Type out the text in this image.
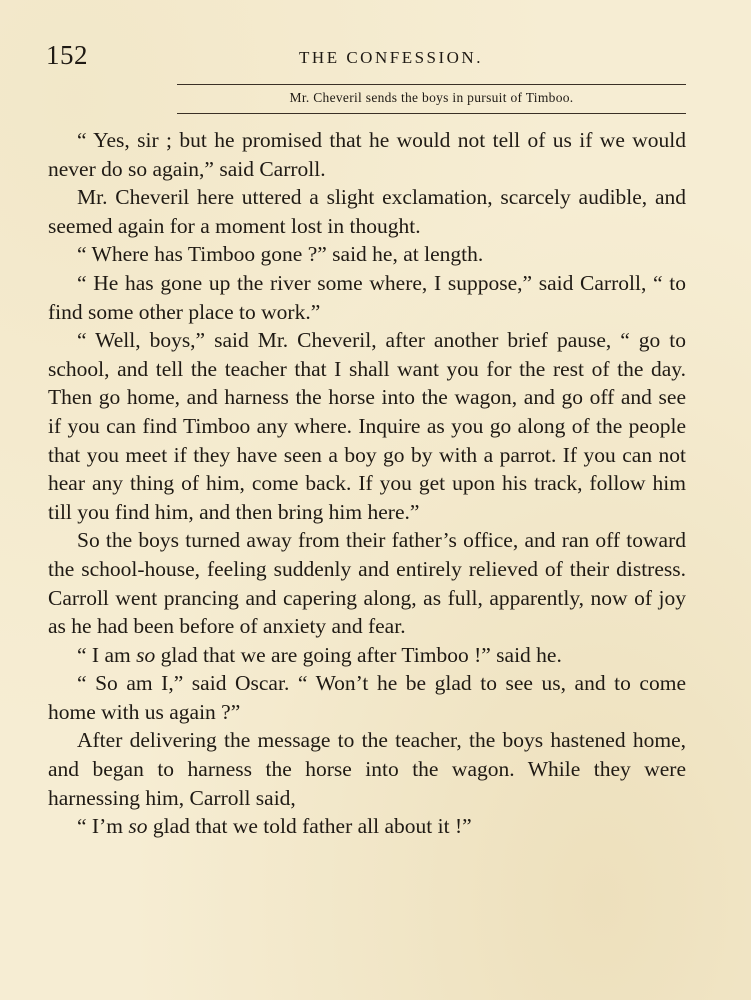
152	THE CONFESSION.
Mr. Cheveril sends the boys in pursuit of Timboo.

“ Yes, sir ; but he promised that he would not tell of us if we would never do so again,” said Carroll.

Mr. Cheveril here uttered a slight exclamation, scarcely audible, and seemed again for a moment lost in thought.

“ Where has Timboo gone ?” said he, at length.

“ He has gone up the river some where, I suppose,” said Carroll, “ to find some other place to work.”

“ Well, boys,” said Mr. Cheveril, after another brief pause, “ go to school, and tell the teacher that I shall want you for the rest of the day. Then go home, and harness the horse into the wagon, and go off and see if you can find Timboo any where. Inquire as you go along of the people that you meet if they have seen a boy go by with a parrot. If you can not hear any thing of him, come back. If you get upon his track, follow him till you find him, and then bring him here.”

So the boys turned away from their father’s office, and ran off toward the school-house, feeling suddenly and entirely relieved of their distress. Carroll went prancing and capering along, as full, apparently, now of joy as he had been before of anxiety and fear.

“ I am so glad that we are going after Timboo !” said he.

“ So am I,” said Oscar. “ Won’t he be glad to see us, and to come home with us again ?”

After delivering the message to the teacher, the boys hastened home, and began to harness the horse into the wagon. While they were harnessing him, Carroll said,

“ I’m so glad that we told father all about it !”
